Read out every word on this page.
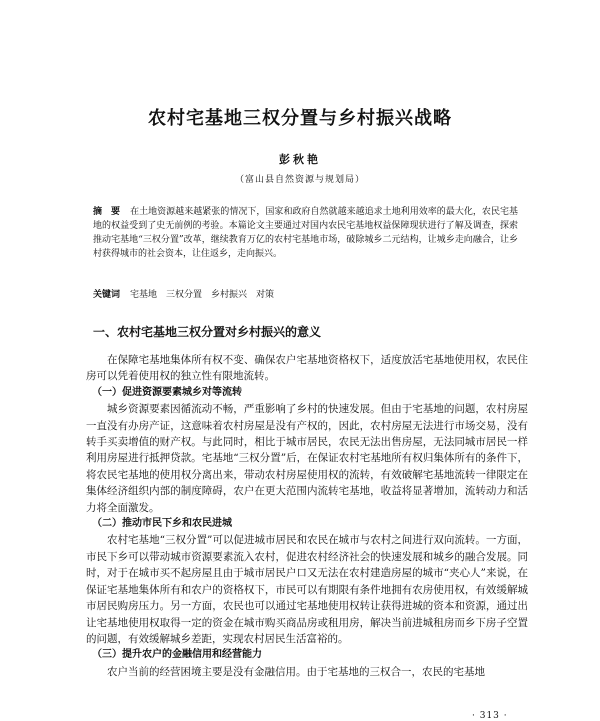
农村宅基地三权分置与乡村振兴战略
彭秋艳
（富山县自然资源与规划局）
摘　要 在土地资源越来越紧张的情况下，国家和政府自然就越来越追求土地利用效率的最大化，农民宅基地的权益受到了史无前例的考验。本篇论文主要通过对国内农民宅基地权益保障现状进行了解及调查，探索推动宅基地“三权分置”改革，继续教育万亿的农村宅基地市场，破除城乡二元结构，让城乡走向融合，让乡村获得城市的社会资本，让住返乡，走向振兴。
关键词 宅基地　三权分置　乡村振兴　对策
一、农村宅基地三权分置对乡村振兴的意义

在保障宅基地集体所有权不变、确保农户宅基地资格权下，适度放活宅基地使用权，农民住房可以凭着使用权的独立性有限地流转。

（一）促进资源要素城乡对等流转

城乡资源要素因循流动不畅，严重影响了乡村的快速发展。但由于宅基地的问题，农村房屋一直没有办房产证，这意味着农村房屋是没有产权的，因此，农村房屋无法进行市场交易，没有转手买卖增值的财产权。与此同时，相比于城市居民，农民无法出售房屋，无法同城市居民一样利用房屋进行抵押贷款。宅基地“三权分置”后，在保证农村宅基地所有权归集体所有的条件下，将农民宅基地的使用权分离出来，带动农村房屋使用权的流转，有效破解宅基地流转一律限定在集体经济组织内部的制度障碍，农户在更大范围内流转宅基地，收益将显著增加，流转动力和活力将全面激发。

（二）推动市民下乡和农民进城

农村宅基地“三权分置”可以促进城市居民和农民在城市与农村之间进行双向流转。一方面，市民下乡可以带动城市资源要素流入农村，促进农村经济社会的快速发展和城乡的融合发展。同时，对于在城市买不起房屋且由于城市居民户口又无法在农村建造房屋的城市“夹心人”来说，在保证宅基地集体所有和农户的资格权下，市民可以有期限有条件地拥有农房使用权，有效缓解城市居民购房压力。另一方面，农民也可以通过宅基地使用权转让获得进城的资本和资源，通过出让宅基地使用权取得一定的资金在城市购买商品房或租用房，解决当前进城租房而乡下房子空置的问题，有效缓解城乡差距，实现农村居民生活富裕的。

（三）提升农户的金融信用和经营能力

农户当前的经营困境主要是没有金融信用。由于宅基地的三权合一，农民的宅基地

· 313 ·
